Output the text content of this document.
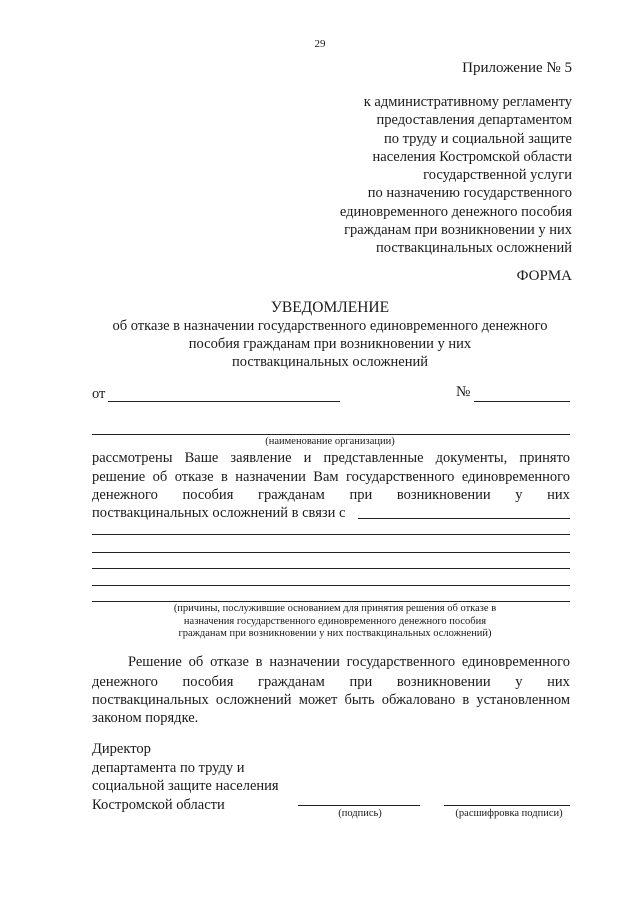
29
Приложение № 5
к административному регламенту
предоставления департаментом
по труду и социальной защите
населения Костромской области
государственной услуги
по назначению государственного
единовременного денежного пособия
гражданам при возникновении у них
поствакцинальных осложнений
ФОРМА
УВЕДОМЛЕНИЕ
об отказе в назначении государственного единовременного денежного
пособия гражданам при возникновении у них
поствакцинальных осложнений
от	№
(наименование организации)
рассмотрены Ваше заявление и представленные документы, принято
решение об отказе в назначении Вам государственного единовременного
денежного пособия гражданам при возникновении у них
поствакцинальных осложнений в связи с
(причины, послужившие основанием для принятия решения об отказе в
назначения государственного единовременного денежного пособия
гражданам при возникновении у них поствакцинальных осложнений)
Решение об отказе в назначении государственного единовременного
денежного пособия гражданам при возникновении у них
поствакцинальных осложнений может быть обжаловано в установленном
законом порядке.
Директор
департамента по труду и
социальной защите населения
Костромской области
(подпись)	(расшифровка подписи)
